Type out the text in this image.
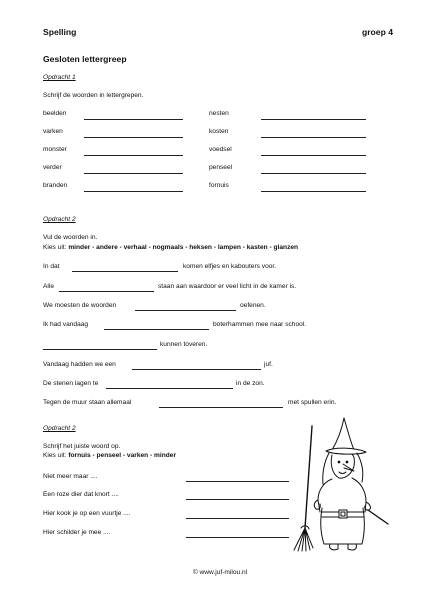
Spelling	groep 4
Gesloten lettergreep
Opdracht 1
Schrijf de woorden in lettergrepen.
beelden
varken
monster
verder
branden
nesten
kosten
voedsel
penseel
fornuis
Opdracht 2
Vul de woorden in.
Kies uit: minder - andere - verhaal - nogmaals - heksen - lampen - kasten - glanzen
In dat	komen elfjes en kabouters voor.
Alle	staan aan waardoor er veel licht in de kamer is.
We moesten de woorden	oefenen.
Ik had vandaag	boterhammen mee naar school.
kunnen toveren.
Vandaag hadden we een	juf.
De stenen lagen te	in de zon.
Tegen de muur staan allemaal	met spullen erin.
Opdracht 2
Schrijf het juiste woord op.
Kies uit: fornuis - penseel - varken - minder
Niet meer maar ....
Een roze dier dat knort ....
Hier kook je op een vuurtje ....
Hier schilder je mee ....
© www.juf-milou.nl
